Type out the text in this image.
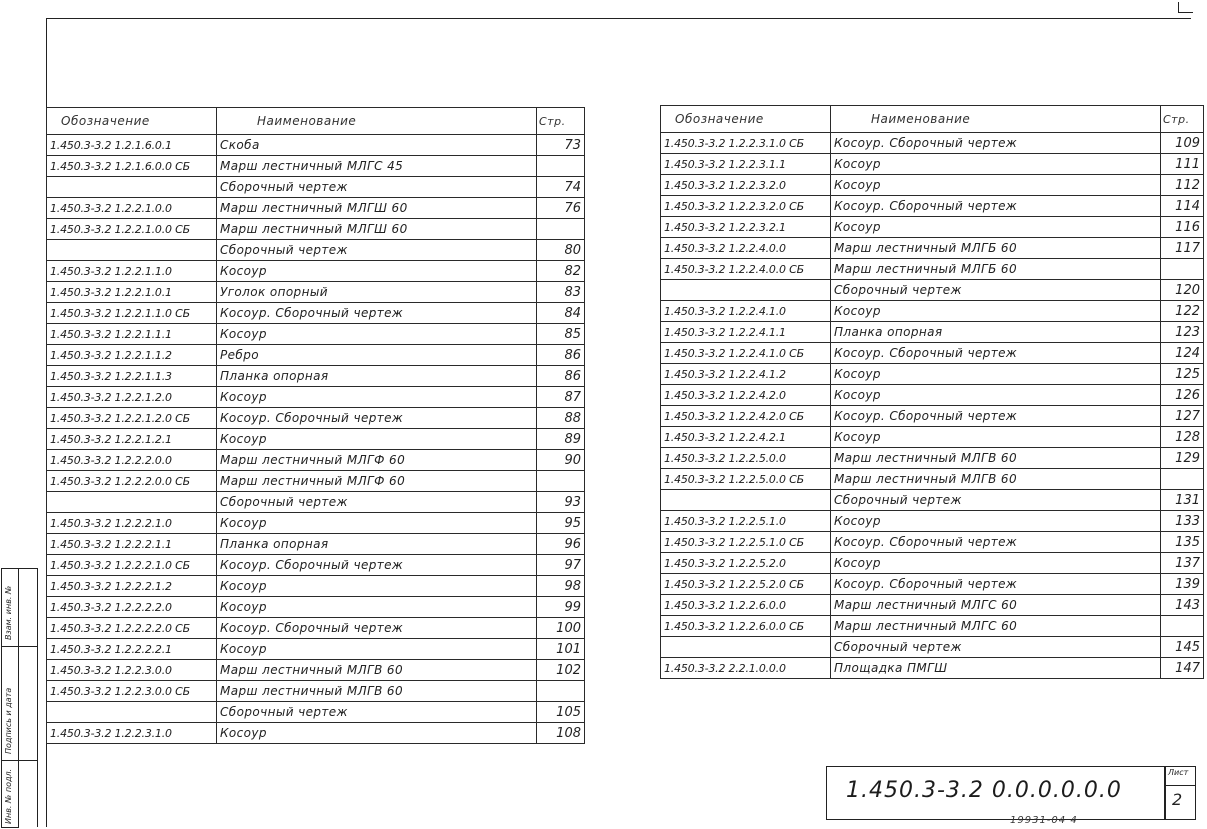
Обозначение	Наименование	Стр.
1.450.3-3.2 1.2.1.6.0.1	Скоба	73
1.450.3-3.2 1.2.1.6.0.0 СБ	Марш лестничный МЛГС 45	
	Сборочный чертеж	74
1.450.3-3.2 1.2.2.1.0.0	Марш лестничный МЛГШ 60	76
1.450.3-3.2 1.2.2.1.0.0 СБ	Марш лестничный МЛГШ 60	
	Сборочный чертеж	80
1.450.3-3.2 1.2.2.1.1.0	Косоур	82
1.450.3-3.2 1.2.2.1.0.1	Уголок опорный	83
1.450.3-3.2 1.2.2.1.1.0 СБ	Косоур. Сборочный чертеж	84
1.450.3-3.2 1.2.2.1.1.1	Косоур	85
1.450.3-3.2 1.2.2.1.1.2	Ребро	86
1.450.3-3.2 1.2.2.1.1.3	Планка опорная	86
1.450.3-3.2 1.2.2.1.2.0	Косоур	87
1.450.3-3.2 1.2.2.1.2.0 СБ	Косоур. Сборочный чертеж	88
1.450.3-3.2 1.2.2.1.2.1	Косоур	89
1.450.3-3.2 1.2.2.2.0.0	Марш лестничный МЛГФ 60	90
1.450.3-3.2 1.2.2.2.0.0 СБ	Марш лестничный МЛГФ 60	
	Сборочный чертеж	93
1.450.3-3.2 1.2.2.2.1.0	Косоур	95
1.450.3-3.2 1.2.2.2.1.1	Планка опорная	96
1.450.3-3.2 1.2.2.2.1.0 СБ	Косоур. Сборочный чертеж	97
1.450.3-3.2 1.2.2.2.1.2	Косоур	98
1.450.3-3.2 1.2.2.2.2.0	Косоур	99
1.450.3-3.2 1.2.2.2.2.0 СБ	Косоур. Сборочный чертеж	100
1.450.3-3.2 1.2.2.2.2.1	Косоур	101
1.450.3-3.2 1.2.2.3.0.0	Марш лестничный МЛГВ 60	102
1.450.3-3.2 1.2.2.3.0.0 СБ	Марш лестничный МЛГВ 60	
	Сборочный чертеж	105
1.450.3-3.2 1.2.2.3.1.0	Косоур	108
Обозначение	Наименование	Стр.
1.450.3-3.2 1.2.2.3.1.0 СБ	Косоур. Сборочный чертеж	109
1.450.3-3.2 1.2.2.3.1.1	Косоур	111
1.450.3-3.2 1.2.2.3.2.0	Косоур	112
1.450.3-3.2 1.2.2.3.2.0 СБ	Косоур. Сборочный чертеж	114
1.450.3-3.2 1.2.2.3.2.1	Косоур	116
1.450.3-3.2 1.2.2.4.0.0	Марш лестничный МЛГБ 60	117
1.450.3-3.2 1.2.2.4.0.0 СБ	Марш лестничный МЛГБ 60	
	Сборочный чертеж	120
1.450.3-3.2 1.2.2.4.1.0	Косоур	122
1.450.3-3.2 1.2.2.4.1.1	Планка опорная	123
1.450.3-3.2 1.2.2.4.1.0 СБ	Косоур. Сборочный чертеж	124
1.450.3-3.2 1.2.2.4.1.2	Косоур	125
1.450.3-3.2 1.2.2.4.2.0	Косоур	126
1.450.3-3.2 1.2.2.4.2.0 СБ	Косоур. Сборочный чертеж	127
1.450.3-3.2 1.2.2.4.2.1	Косоур	128
1.450.3-3.2 1.2.2.5.0.0	Марш лестничный МЛГВ 60	129
1.450.3-3.2 1.2.2.5.0.0 СБ	Марш лестничный МЛГВ 60	
	Сборочный чертеж	131
1.450.3-3.2 1.2.2.5.1.0	Косоур	133
1.450.3-3.2 1.2.2.5.1.0 СБ	Косоур. Сборочный чертеж	135
1.450.3-3.2 1.2.2.5.2.0	Косоур	137
1.450.3-3.2 1.2.2.5.2.0 СБ	Косоур. Сборочный чертеж	139
1.450.3-3.2 1.2.2.6.0.0	Марш лестничный МЛГС 60	143
1.450.3-3.2 1.2.2.6.0.0 СБ	Марш лестничный МЛГС 60	
	Сборочный чертеж	145
1.450.3-3.2 2.2.1.0.0.0	Площадка ПМГШ	147
Взам. инв. №
Подпись и дата
Инв. № подл.	1.450.3-3.2 0.0.0.0.0.0
Лист
2
19931-04 4
